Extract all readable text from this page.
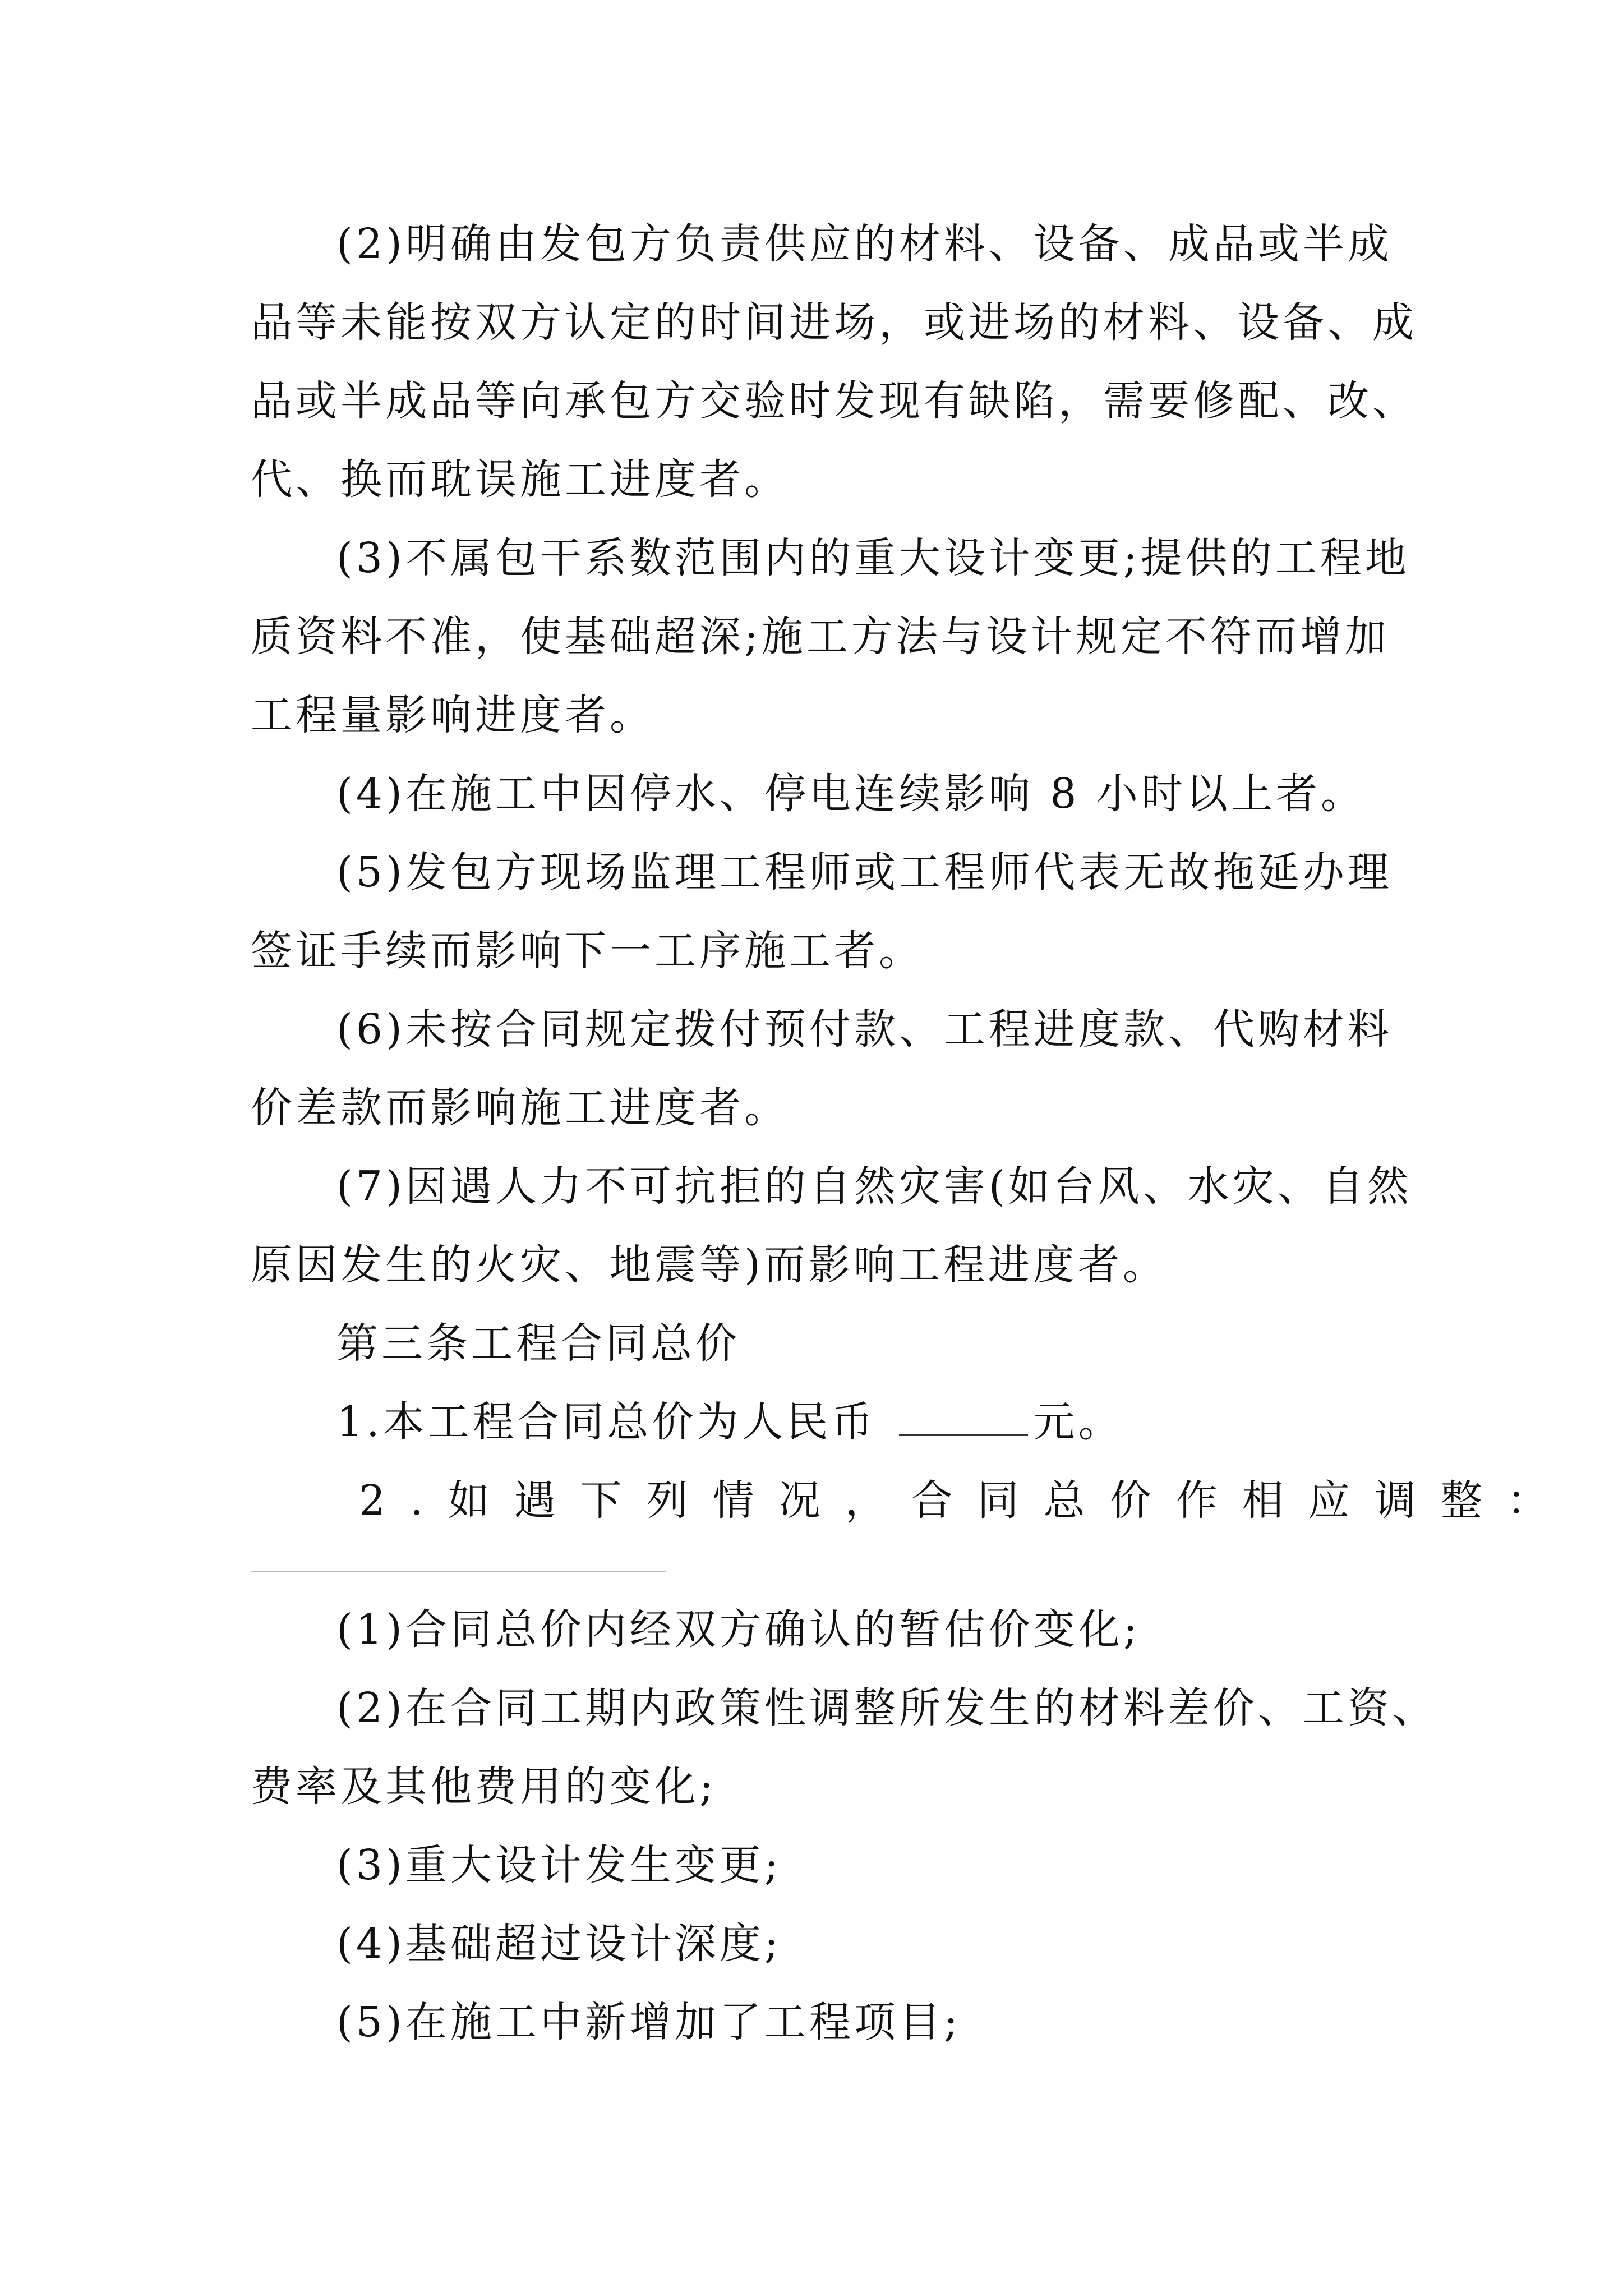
(2)明确由发包方负责供应的材料、设备、成品或半成
品等未能按双方认定的时间进场，或进场的材料、设备、成
品或半成品等向承包方交验时发现有缺陷，需要修配、改、
代、换而耽误施工进度者。
(3)不属包干系数范围内的重大设计变更;提供的工程地
质资料不准，使基础超深;施工方法与设计规定不符而增加
工程量影响进度者。
(4)在施工中因停水、停电连续影响 8 小时以上者。
(5)发包方现场监理工程师或工程师代表无故拖延办理
签证手续而影响下一工序施工者。
(6)未按合同规定拨付预付款、工程进度款、代购材料
价差款而影响施工进度者。
(7)因遇人力不可抗拒的自然灾害(如台风、水灾、自然
原因发生的火灾、地震等)而影响工程进度者。
第三条工程合同总价
1.本工程合同总价为人民币	元。
2.如遇下列情况，合同总价作相应调整：
(1)合同总价内经双方确认的暂估价变化;
(2)在合同工期内政策性调整所发生的材料差价、工资、
费率及其他费用的变化;
(3)重大设计发生变更;
(4)基础超过设计深度;
(5)在施工中新增加了工程项目;
